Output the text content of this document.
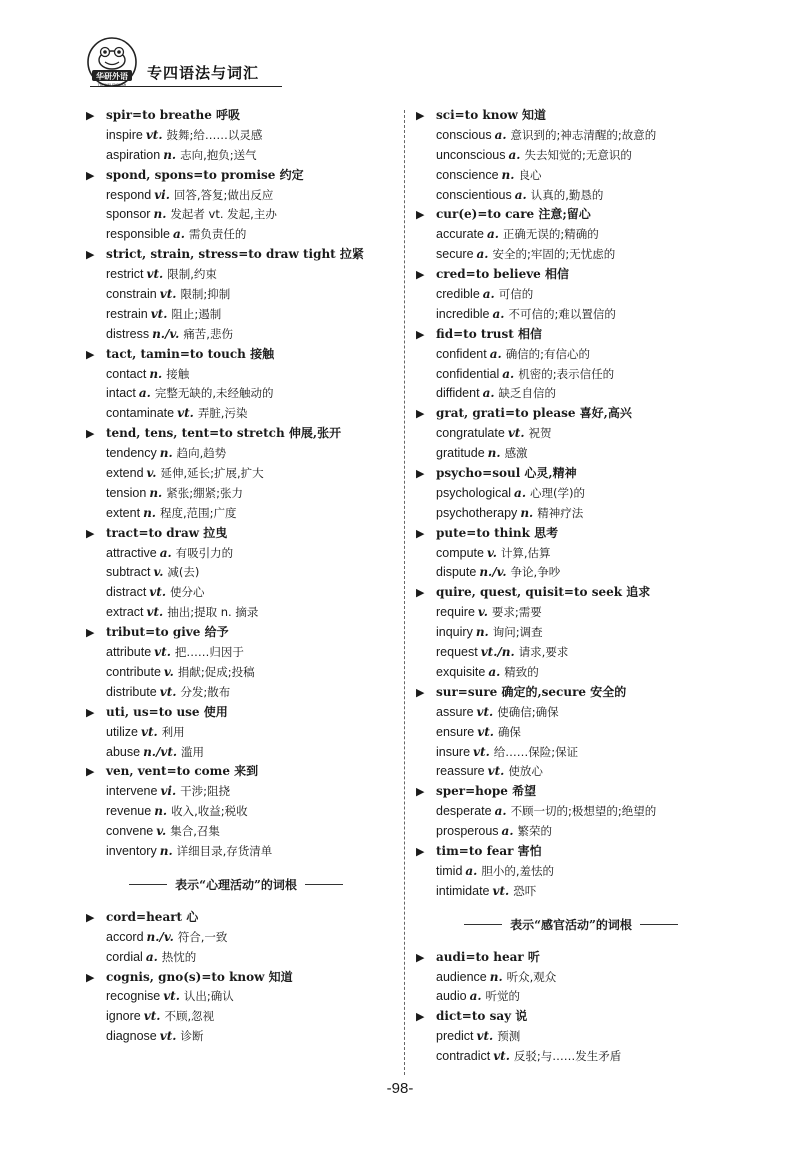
华研外语
TOPWAY ENGLISH
专四语法与词汇
▶ spir=to breathe 呼吸
inspire vt. 鼓舞;给……以灵感
aspiration n. 志向,抱负;送气
▶ spond, spons=to promise 约定
respond vi. 回答,答复;做出反应
sponsor n. 发起者 vt. 发起,主办
responsible a. 需负责任的
▶ strict, strain, stress=to draw tight 拉紧
restrict vt. 限制,约束
constrain vt. 限制;抑制
restrain vt. 阻止;遏制
distress n./v. 痛苦,悲伤
▶ tact, tamin=to touch 接触
contact n. 接触
intact a. 完整无缺的,未经触动的
contaminate vt. 弄脏,污染
▶ tend, tens, tent=to stretch 伸展,张开
tendency n. 趋向,趋势
extend v. 延伸,延长;扩展,扩大
tension n. 紧张;绷紧;张力
extent n. 程度,范围;广度
▶ tract=to draw 拉曳
attractive a. 有吸引力的
subtract v. 减(去)
distract vt. 使分心
extract vt. 抽出;提取 n. 摘录
▶ tribut=to give 给予
attribute vt. 把……归因于
contribute v. 捐献;促成;投稿
distribute vt. 分发;散布
▶ uti, us=to use 使用
utilize vt. 利用
abuse n./vt. 滥用
▶ ven, vent=to come 来到
intervene vi. 干涉;阻挠
revenue n. 收入,收益;税收
convene v. 集合,召集
inventory n. 详细目录,存货清单
表示“心理活动”的词根
▶ cord=heart 心
accord n./v. 符合,一致
cordial a. 热忱的
▶ cognis, gno(s)=to know 知道
recognise vt. 认出;确认
ignore vt. 不顾,忽视
diagnose vt. 诊断
▶ sci=to know 知道
conscious a. 意识到的;神志清醒的;故意的
unconscious a. 失去知觉的;无意识的
conscience n. 良心
conscientious a. 认真的,勤恳的
▶ cur(e)=to care 注意;留心
accurate a. 正确无误的;精确的
secure a. 安全的;牢固的;无忧虑的
▶ cred=to believe 相信
credible a. 可信的
incredible a. 不可信的;难以置信的
▶ fid=to trust 相信
confident a. 确信的;有信心的
confidential a. 机密的;表示信任的
diffident a. 缺乏自信的
▶ grat, grati=to please 喜好,高兴
congratulate vt. 祝贺
gratitude n. 感激
▶ psycho=soul 心灵,精神
psychological a. 心理(学)的
psychotherapy n. 精神疗法
▶ pute=to think 思考
compute v. 计算,估算
dispute n./v. 争论,争吵
▶ quire, quest, quisit=to seek 追求
require v. 要求;需要
inquiry n. 询问;调查
request vt./n. 请求,要求
exquisite a. 精致的
▶ sur=sure 确定的,secure 安全的
assure vt. 使确信;确保
ensure vt. 确保
insure vt. 给……保险;保证
reassure vt. 使放心
▶ sper=hope 希望
desperate a. 不顾一切的;极想望的;绝望的
prosperous a. 繁荣的
▶ tim=to fear 害怕
timid a. 胆小的,羞怯的
intimidate vt. 恐吓
表示“感官活动”的词根
▶ audi=to hear 听
audience n. 听众,观众
audio a. 听觉的
▶ dict=to say 说
predict vt. 预测
contradict vt. 反驳;与……发生矛盾
-98-
